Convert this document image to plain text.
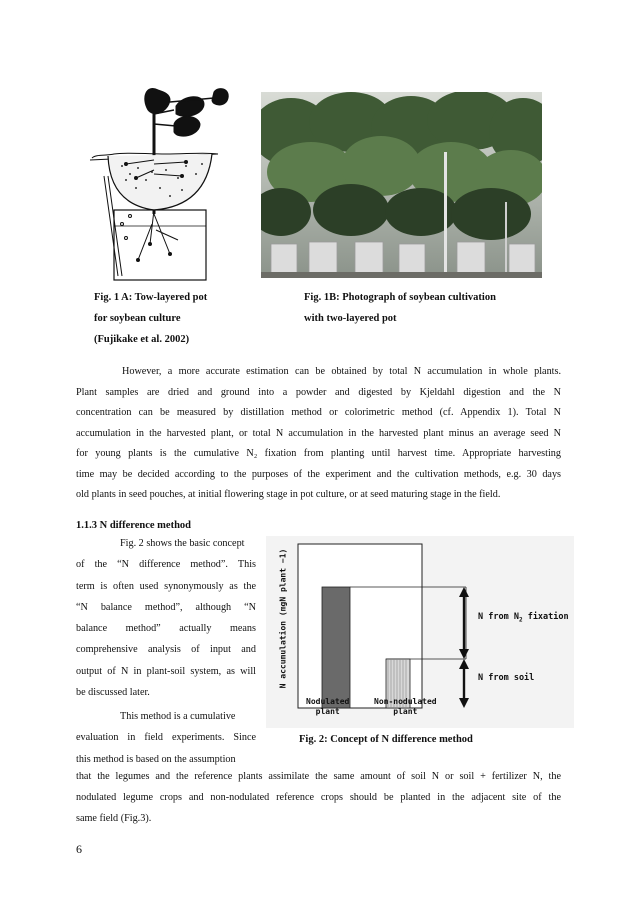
Fig. 1 A: Tow-layered pot
for soybean culture
(Fujikake et al. 2002)
Fig. 1B: Photograph of soybean cultivation
with two-layered pot
However, a more accurate estimation can be obtained by total N accumulation in whole plants.
Plant samples are dried and ground into a powder and digested by Kjeldahl digestion and the N
concentration can be measured by distillation method or colorimetric method (cf. Appendix 1). Total N
accumulation in the harvested plant, or total N accumulation in the harvested plant minus an average seed N
for young plants is the cumulative N₂ fixation from planting until harvest time. Appropriate harvesting
time may be decided according to the purposes of the experiment and the cultivation methods, e.g. 30 days
old plants in seed pouches, at initial flowering stage in pot culture, or at seed maturing stage in the field.
1.1.3 N difference method
Fig. 2 shows the basic concept
of the “N difference method”. This
term is often used synonymously as the
“N balance method”, although “N
balance method” actually means
comprehensive analysis of input and
output of N in plant-soil system, as will
be discussed later.
This method is a cumulative
evaluation in field experiments. Since
this method is based on the assumption
N accumulation (mgN plant −1)	N from $N_2$ fixation
N from soil
Nodulated
plant
Non-nodulated
plant
Fig. 2: Concept of N difference method
that the legumes and the reference plants assimilate the same amount of soil N or soil + fertilizer N, the
nodulated legume crops and non-nodulated reference crops should be planted in the adjacent site of the
same field (Fig.3).
6
